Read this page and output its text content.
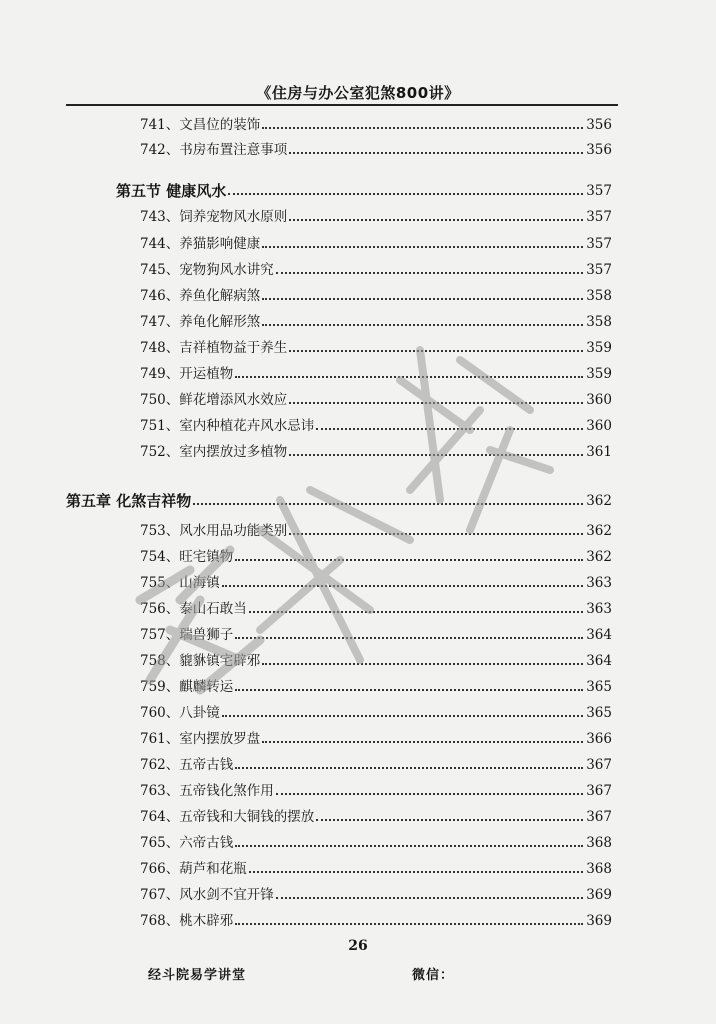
《住房与办公室犯煞800讲》
741、 文昌位的装饰	356
742、 书房布置注意事项	356
第五节 健康风水	357
743、 饲养宠物风水原则	357
744、 养猫影响健康	357
745、 宠物狗风水讲究	357
746、 养鱼化解病煞	358
747、 养龟化解形煞	358
748、 吉祥植物益于养生	359
749、 开运植物	359
750、 鲜花增添风水效应	360
751、 室内种植花卉风水忌讳	360
752、 室内摆放过多植物	361
第五章 化煞吉祥物	362
753、 风水用品功能类别	362
754、 旺宅镇物	362
755、 山海镇	363
756、 泰山石敢当	363
757、 瑞兽狮子	364
758、 貔貅镇宅辟邪	364
759、 麒麟转运	365
760、 八卦镜	365
761、 室内摆放罗盘	366
762、 五帝古钱	367
763、 五帝钱化煞作用	367
764、 五帝钱和大铜钱的摆放	367
765、 六帝古钱	368
766、 葫芦和花瓶	368
767、 风水剑不宜开锋	369
768、 桃木辟邪	369
26
经斗院易学讲堂	微信：
